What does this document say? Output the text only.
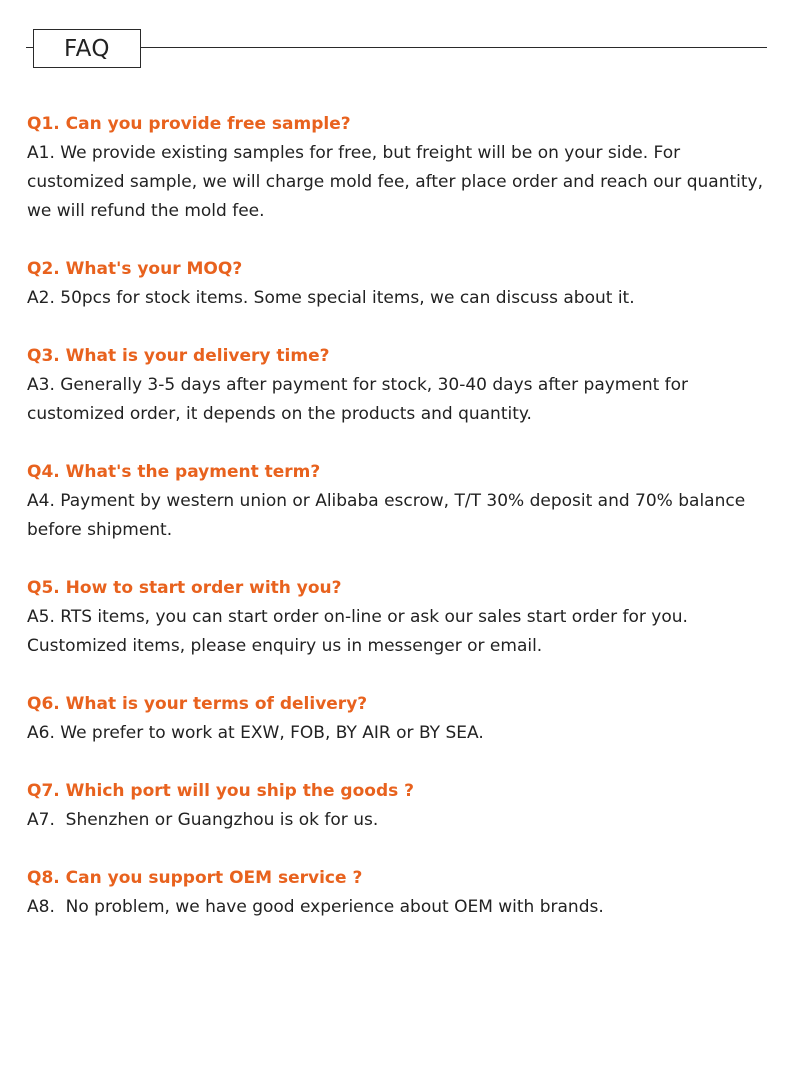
FAQ

Q1. Can you provide free sample?

A1. We provide existing samples for free, but freight will be on your side. For customized sample, we will charge mold fee, after place order and reach our quantity, we will refund the mold fee.

Q2. What's your MOQ?

A2. 50pcs for stock items. Some special items, we can discuss about it.

Q3. What is your delivery time?

A3. Generally 3-5 days after payment for stock, 30-40 days after payment for customized order, it depends on the products and quantity.

Q4. What's the payment term?

A4. Payment by western union or Alibaba escrow, T/T 30% deposit and 70% balance before shipment.

Q5. How to start order with you?

A5. RTS items, you can start order on-line or ask our sales start order for you. Customized items, please enquiry us in messenger or email.

Q6. What is your terms of delivery?

A6. We prefer to work at EXW, FOB, BY AIR or BY SEA.

Q7. Which port will you ship the goods ?

A7.  Shenzhen or Guangzhou is ok for us.

Q8. Can you support OEM service ?

A8.  No problem, we have good experience about OEM with brands.
